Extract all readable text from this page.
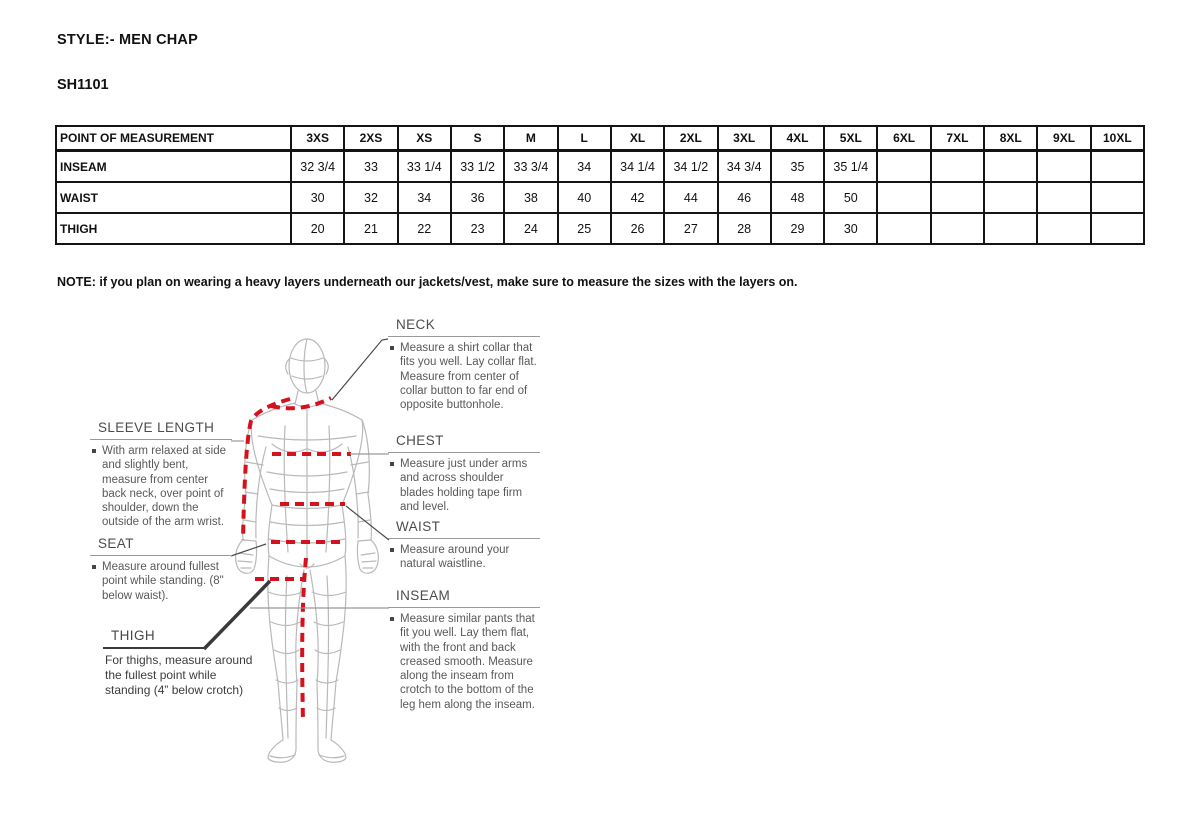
STYLE:- MEN CHAP
SH1101
POINT OF MEASUREMENT	3XS	2XS	XS	S	M	L	XL	2XL	3XL	4XL	5XL	6XL	7XL	8XL	9XL	10XL
INSEAM	32 3/4	33	33 1/4	33 1/2	33 3/4	34	34 1/4	34 1/2	34 3/4	35	35 1/4					
WAIST	30	32	34	36	38	40	42	44	46	48	50					
THIGH	20	21	22	23	24	25	26	27	28	29	30					
NOTE: if you plan on wearing a heavy layers underneath our jackets/vest, make sure to measure the sizes with the layers on.
NECK

Measure a shirt collar that fits you well. Lay collar flat. Measure from center of collar button to far end of opposite buttonhole.

CHEST

Measure just under arms and across shoulder blades holding tape firm and level.

WAIST

Measure around your natural waistline.

INSEAM

Measure similar pants that fit you well. Lay them flat, with the front and back creased smooth. Measure along the inseam from crotch to the bottom of the leg hem along the inseam.

SLEEVE LENGTH

With arm relaxed at side and slightly bent, measure from center back neck, over point of shoulder, down the outside of the arm wrist.

SEAT

Measure around fullest point while standing. (8" below waist).

THIGH

For thighs, measure around the fullest point while standing (4” below crotch)
